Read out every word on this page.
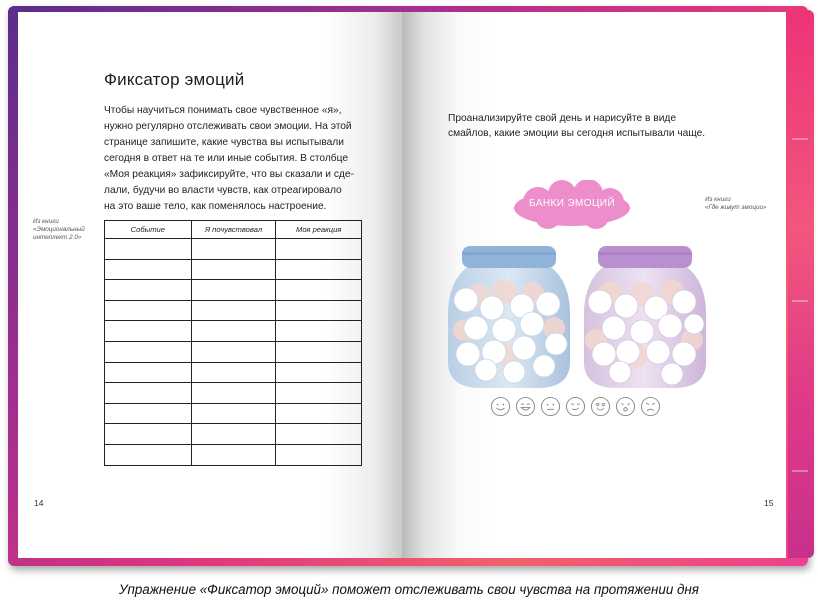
Фиксатор эмоций
Чтобы научиться понимать свое чувственное «я»,
нужно регулярно отслеживать свои эмоции. На этой
странице запишите, какие чувства вы испытывали
сегодня в ответ на те или иные события. В столбце
«Моя реакция» зафиксируйте, что вы сказали и сде-
лали, будучи во власти чувств, как отреагировало
на это ваше тело, как поменялось настроение.
Из книги
«Эмоциональный
интеллект 2.0»
Событие	Я почувствовал	Моя реакция

14
Проанализируйте свой день и нарисуйте в виде
смайлов, какие эмоции вы сегодня испытывали чаще.
БАНКИ ЭМОЦИЙ	Из книги
«Где живут эмоции»
15
Упражнение «Фиксатор эмоций» поможет отслеживать свои чувства на протяжении дня
